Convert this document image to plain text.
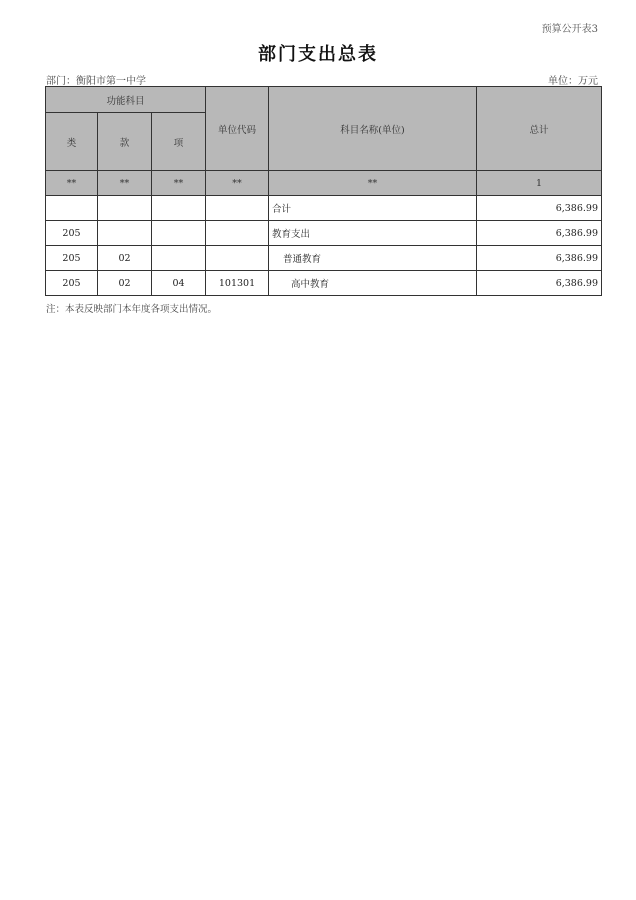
预算公开表3
部门支出总表
部门：衡阳市第一中学	单位：万元
功能科目			单位代码	科目名称(单位)	总计
类	款	项			
**	**	**	**	**	1
				合计	6,386.99
205				教育支出	6,386.99
205	02			普通教育	6,386.99
205	02	04	101301	高中教育	6,386.99
注：本表反映部门本年度各项支出情况。
